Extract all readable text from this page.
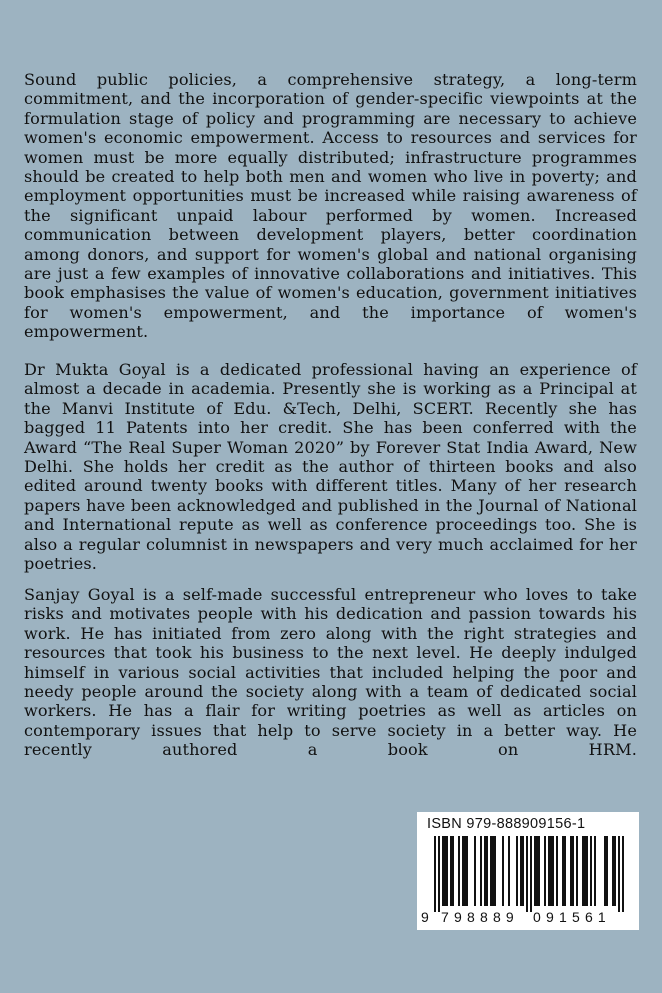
Sound public policies, a comprehensive strategy, a long-term commitment, and the incorporation of gender-specific viewpoints at the formulation stage of policy and programming are necessary to achieve women's economic empowerment. Access to resources and services for women must be more equally distributed; infrastructure programmes should be created to help both men and women who live in poverty; and employment opportunities must be increased while raising awareness of the significant unpaid labour performed by women. Increased communication between development players, better coordination among donors, and support for women's global and national organising are just a few examples of innovative collaborations and initiatives. This book emphasises the value of women's education, government initiatives for women's empowerment, and the importance of women's empowerment.

Dr Mukta Goyal is a dedicated professional having an experience of almost a decade in academia. Presently she is working as a Principal at the Manvi Institute of Edu. &Tech, Delhi, SCERT. Recently she has bagged 11 Patents into her credit. She has been conferred with the Award “The Real Super Woman 2020” by Forever Stat India Award, New Delhi. She holds her credit as the author of thirteen books and also edited around twenty books with different titles. Many of her research papers have been acknowledged and published in the Journal of National and International repute as well as conference proceedings too. She is also a regular columnist in newspapers and very much acclaimed for her poetries.

Sanjay Goyal is a self-made successful entrepreneur who loves to take risks and motivates people with his dedication and passion towards his work. He has initiated from zero along with the right strategies and resources that took his business to the next level. He deeply indulged himself in various social activities that included helping the poor and needy people around the society along with a team of dedicated social workers. He has a flair for writing poetries as well as articles on contemporary issues that help to serve society in a better way. He recently authored a book on HRM.

ISBN 979-888909156-1
9 798889 091561
